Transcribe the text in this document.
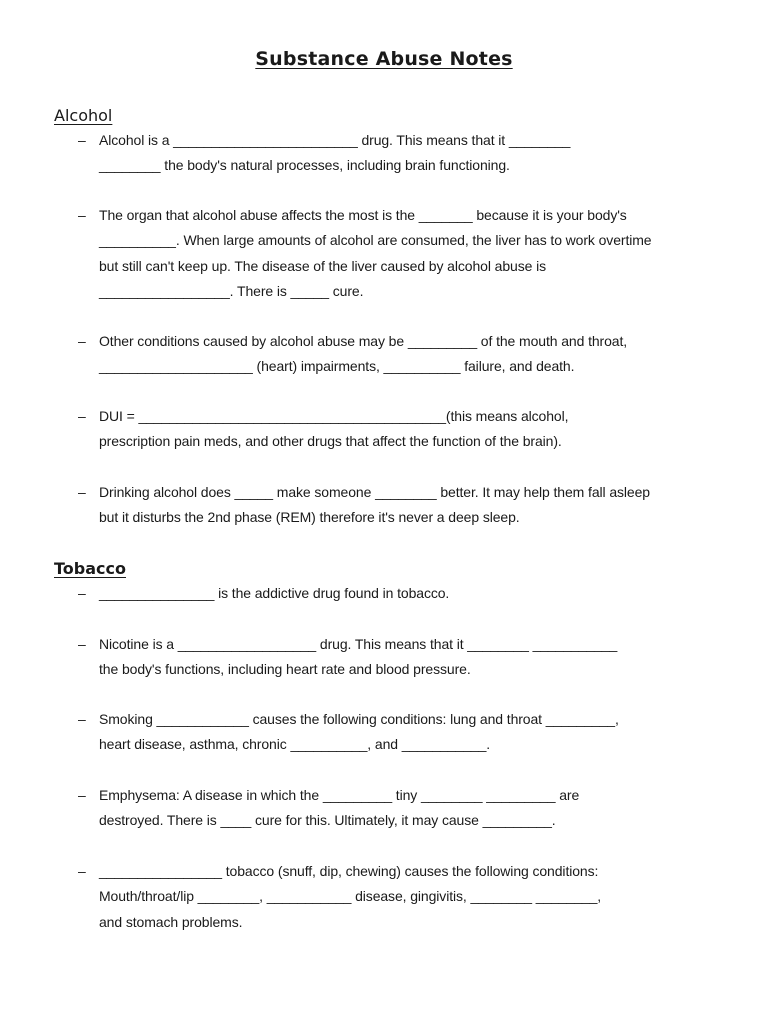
Substance Abuse Notes
Alcohol
– Alcohol is a ________________________ drug. This means that it ________
________ the body's natural processes, including brain functioning.
– The organ that alcohol abuse affects the most is the _______ because it is your body's
__________. When large amounts of alcohol are consumed, the liver has to work overtime
but still can't keep up. The disease of the liver caused by alcohol abuse is
_________________. There is _____ cure.
– Other conditions caused by alcohol abuse may be _________ of the mouth and throat,
____________________ (heart) impairments, __________ failure, and death.
– DUI = ________________________________________(this means alcohol,
prescription pain meds, and other drugs that affect the function of the brain).
– Drinking alcohol does _____ make someone ________ better. It may help them fall asleep
but it disturbs the 2nd phase (REM) therefore it's never a deep sleep.
Tobacco
– _______________ is the addictive drug found in tobacco.
– Nicotine is a __________________ drug. This means that it ________ ___________
the body's functions, including heart rate and blood pressure.
– Smoking ____________ causes the following conditions: lung and throat _________,
heart disease, asthma, chronic __________, and ___________.
– Emphysema: A disease in which the _________ tiny ________ _________ are
destroyed. There is ____ cure for this. Ultimately, it may cause _________.
– ________________ tobacco (snuff, dip, chewing) causes the following conditions:
Mouth/throat/lip ________, ___________ disease, gingivitis, ________ ________,
and stomach problems.
